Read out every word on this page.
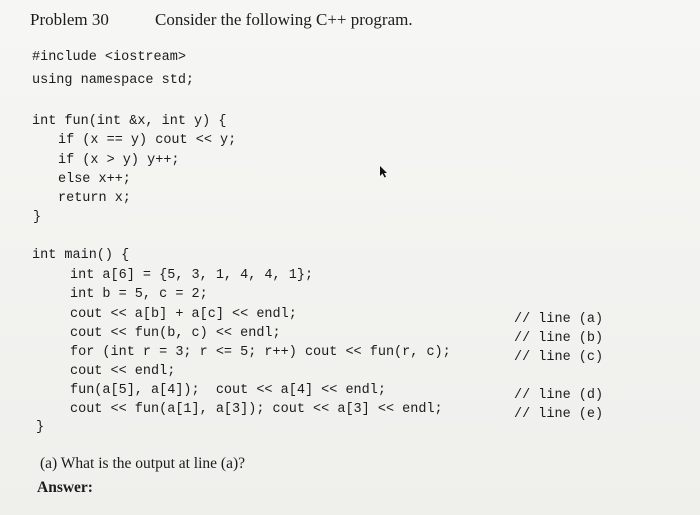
Problem 30	Consider the following C++ program.
#include <iostream>
using namespace std;
int fun(int &x, int y) {
if (x == y) cout << y;
if (x > y) y++;
else x++;
return x;
}
int main() {
int a[6] = {5, 3, 1, 4, 4, 1};
int b = 5, c = 2;
cout << a[b] + a[c] << endl;
cout << fun(b, c) << endl;
for (int r = 3; r <= 5; r++) cout << fun(r, c);
cout << endl;
fun(a[5], a[4]);  cout << a[4] << endl;
cout << fun(a[1], a[3]); cout << a[3] << endl;
}
// line (a)
// line (b)
// line (c)
// line (d)
// line (e)
(a) What is the output at line (a)?
Answer:
